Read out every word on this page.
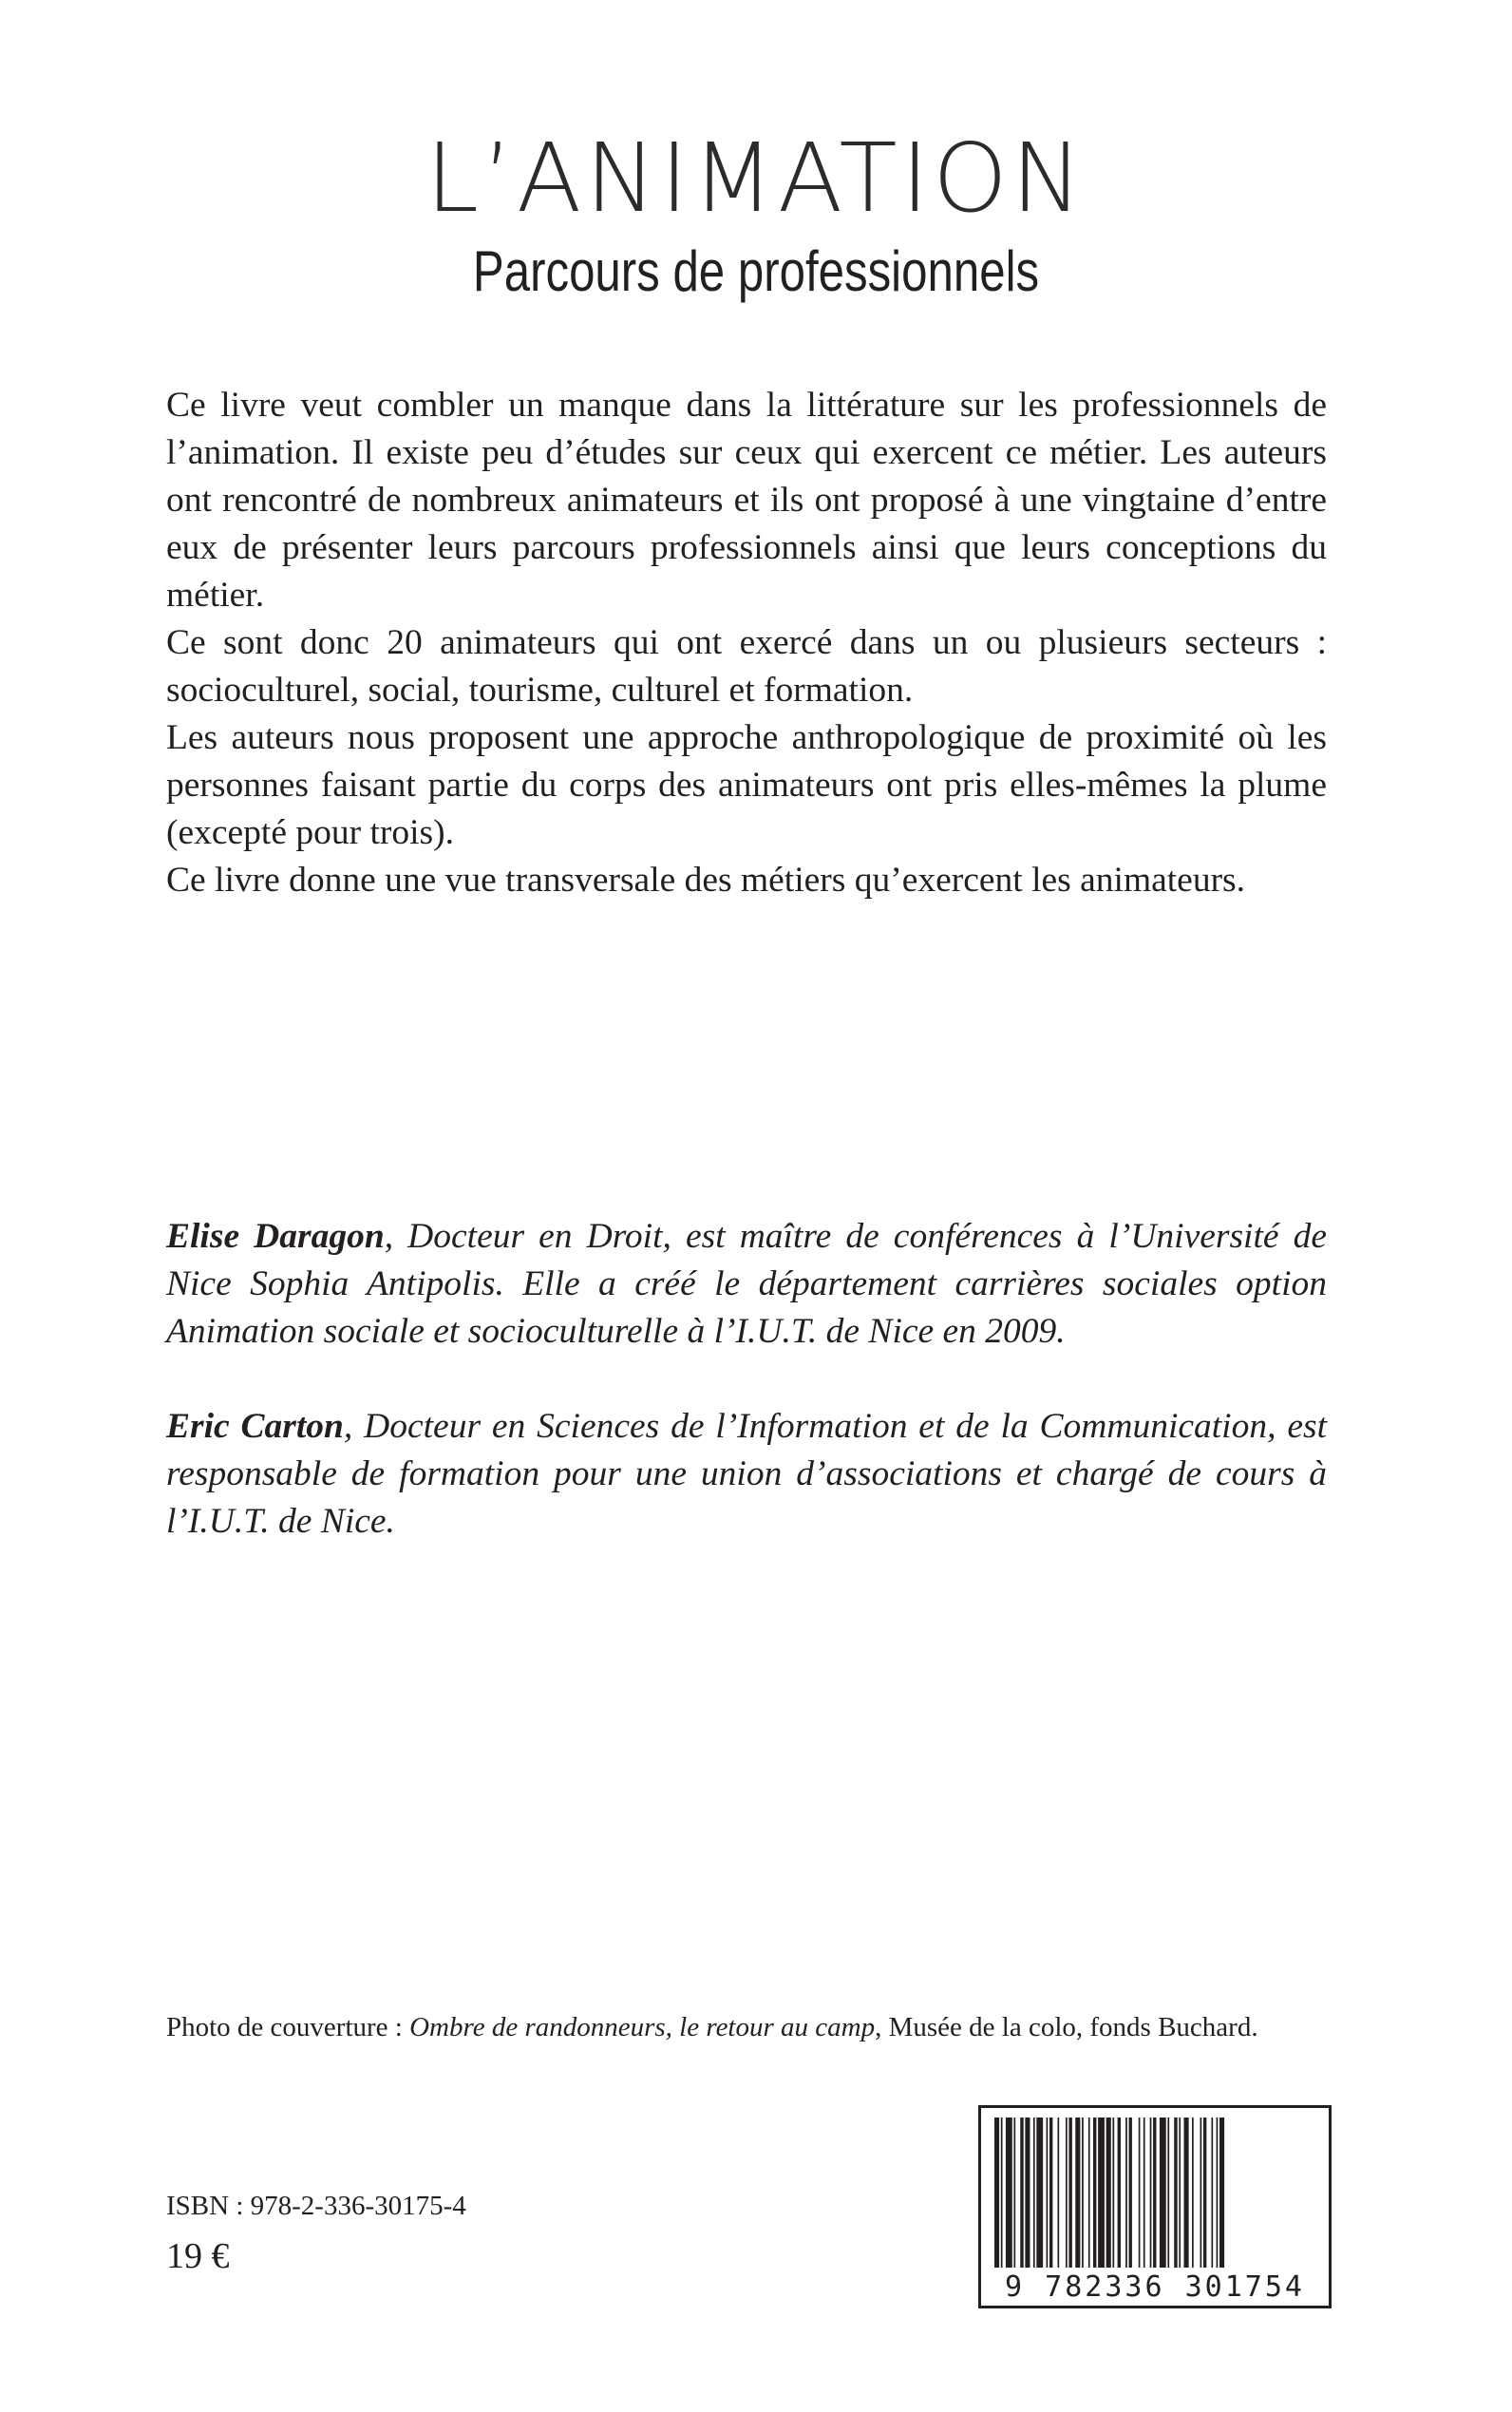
L’ANIMATION
Parcours de professionnels

Ce livre veut combler un manque dans la littérature sur les professionnels de l’animation. Il existe peu d’études sur ceux qui exercent ce métier. Les auteurs ont rencontré de nombreux animateurs et ils ont proposé à une vingtaine d’entre eux de présenter leurs parcours professionnels ainsi que leurs conceptions du métier.

Ce sont donc 20 animateurs qui ont exercé dans un ou plusieurs secteurs : socioculturel, social, tourisme, culturel et formation.

Les auteurs nous proposent une approche anthropologique de proximité où les personnes faisant partie du corps des animateurs ont pris elles-mêmes la plume (excepté pour trois).

Ce livre donne une vue transversale des métiers qu’exercent les animateurs.

Elise Daragon, Docteur en Droit, est maître de conférences à l’Université de Nice Sophia Antipolis. Elle a créé le département carrières sociales option Animation sociale et socioculturelle à l’I.U.T. de Nice en 2009.

Eric Carton, Docteur en Sciences de l’Information et de la Communication, est responsable de formation pour une union d’associations et chargé de cours à l’I.U.T. de Nice.

Photo de couverture : Ombre de randonneurs, le retour au camp, Musée de la colo, fonds Buchard.
ISBN : 978-2-336-30175-4
19 €
9 782336 301754
